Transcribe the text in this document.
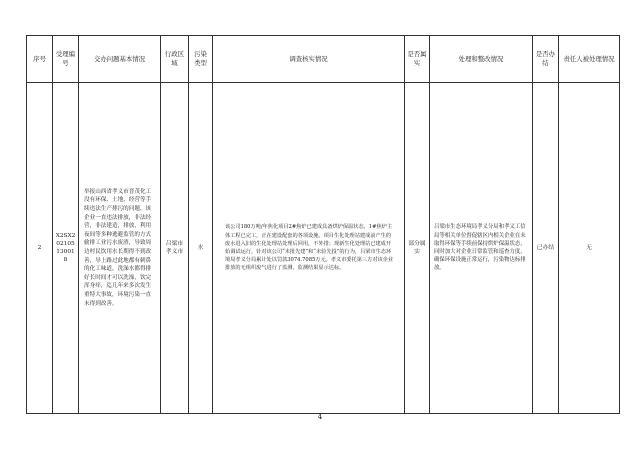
序号	受理编号	交办问题基本情况	行政区域	污染类型	调查核实情况	是否属实	处理和整改情况	是否办结	责任人被处理情况
2	X2SX202105130018	举报山西省孝义市晋茂化工没有环保、土地、经营等手续违法生产排污的问题，该企业一直违法排放，非法经营，非法建造，排放，利用夜间等多种逃避监管的方式偷排工业污水废渣，导致周边村民饮用水长期得不到改善，导上路过此地都有刺鼻的化工味道，洗澡水都得排好长时间才可以洗澡，饮完浑身痒，迄几年来多次发生重特大事故，环境污染一直未得到改善。	吕梁市孝义市	水	该公司180万吨/年焦化项目2#焦炉已建成具备烘炉保温状态，1#焦炉主体工程已完工，正在建设配套的各项设施。项目生化处理站建成前产生的废水进入旧的生化处理站处理后回用，不外排；现新生化处理站已建成开始调试运行。针对该公司“未批先建”和“未验先投”的行为，吕梁市生态环境局孝义分局累计处以罚款3074.7085万元。孝义市委托第三方对该企业排放的无组织废气进行了监测，监测结果显示达标。	部分属实	吕梁市生态环境局孝义分局和孝义工信局等相关单位督促辖区内相关企业在未取得环保等手续前保持烘炉保温状态，同时加大对企业日常监管和巡查力度，确保环保设施正常运行，污染物达标排放。	已办结	无
4
